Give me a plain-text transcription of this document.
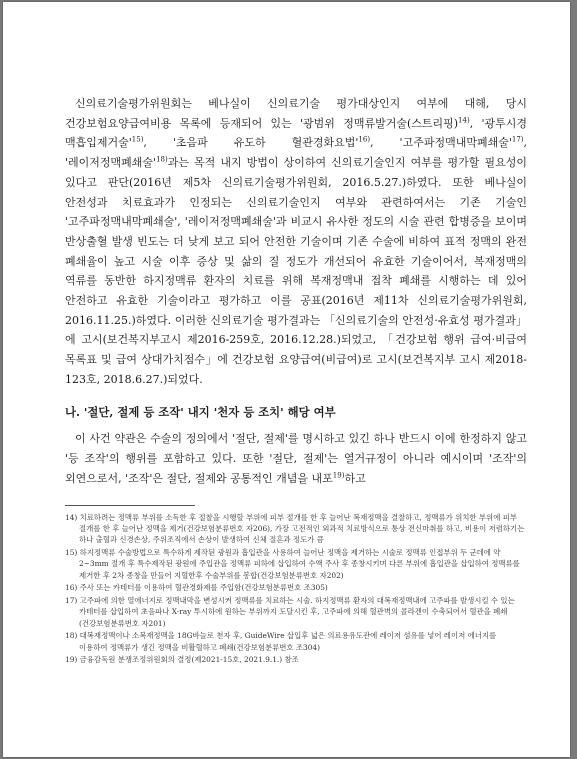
신의료기술평가위원회는 베나실이 신의료기술 평가대상인지 여부에 대해, 당시 건강보험요양급여비용 목록에 등재되어 있는 '광범위 정맥류발거술(스트리핑)$^{14)}$, '광투시경 맥흡입제거술'$^{15)}$, '초음파 유도하 혈관경화요법'$^{16)}$, '고주파정맥내막폐쇄술'$^{17)}$, '레이저정맥폐쇄술'$^{18)}$과는 목적 내지 방법이 상이하여 신의료기술인지 여부를 평가할 필요성이 있다고 판단(2016년 제5차 신의료기술평가위원회, 2016.5.27.)하였다. 또한 베나실이 안전성과 치료효과가 인정되는 신의료기술인지 여부와 관련하여서는 기존 기술인 '고주파정맥내막폐쇄술', '레이저정맥폐쇄술'과 비교시 유사한 정도의 시술 관련 합병증을 보이며 반상출혈 발생 빈도는 더 낮게 보고 되어 안전한 기술이며 기존 수술에 비하여 표적 정맥의 완전 폐쇄율이 높고 시술 이후 증상 및 삶의 질 정도가 개선되어 유효한 기술이어서, 복재정맥의 역류를 동반한 하지정맥류 환자의 치료를 위해 복재정맥내 접착 폐쇄를 시행하는 데 있어 안전하고 유효한 기술이라고 평가하고 이를 공표(2016년 제11차 신의료기술평가위원회, 2016.11.25.)하였다. 이러한 신의료기술 평가결과는 「신의료기술의 안전성·유효성 평가결과」에 고시(보건복지부고시 제2016-259호, 2016.12.28.)되었고, 「건강보험 행위 급여·비급여 목록표 및 급여 상대가치점수」에 건강보험 요양급여(비급여)로 고시(보건복지부 고시 제2018-123호, 2018.6.27.)되었다.

나. '절단, 절제 등 조작' 내지 '천자 등 조치' 해당 여부

이 사건 약관은 수술의 정의에서 '절단, 절제'를 명시하고 있긴 하나 반드시 이에 한정하지 않고 '등 조작'의 행위를 포함하고 있다. 또한 '절단, 절제'는 열거규정이 아니라 예시이며 '조작'의 외연으로서, '조작'은 절단, 절제와 공통적인 개념을 내포$^{19)}$하고

14) 치료하려는 정맥류 부위를 소독한 후 절찰을 시행할 부위에 피부 절개를 한 후 늘어난 복재정맥을 결찰하고, 정맥류가 위치한 부위에 피부 절개를 한 후 늘어난 정맥을 제거(건강보험분류번호 자206), 가장 고전적인 외과적 치료방식으로 통상 전신마취를 하고, 비용이 저렴하기는 하나 출혈과 신경손상, 주위조직에서 손상이 발생하여 신체 절흔과 정도가 큼

15) 하지정맥류 수술방법으로 특수하게 제작된 광원과 흡입관을 사용하여 늘어난 정맥을 제거하는 시술로 정맥류 인접부위 두 군데에 약 2~3mm 절개 후 특수제작된 광원에 주입관을 정맥류 피하에 삽입하여 수액 주사 후 종창시키며 다른 부위에 흡입관을 삽입하여 정맥류를 제거한 후 2차 종창을 만들어 지혈한후 수술부위를 봉합(건강보험분류번호 자202)

16) 주사 또는 카테터를 이용하여 혈관경화제를 주입함(건강보험분류번호 조305)

17) 고주파에 의한 열에너지로 정맥내막을 변성시켜 정맥류를 치료하는 시술. 하지정맥류 환자의 대복재정맥내에 고주파를 발생시킬 수 있는 카테터를 삽입하여 초음파나 X-ray 투시하에 원하는 부위까지 도달시킨 후, 고주파에 의해 혈관벽의 콜라겐이 수축되어서 혈관을 폐쇄(건강보험분류번호 자201)

18) 대복재정맥이나 소복재정맥을 18G바늘로 천자 후, GuideWire 삽입후 넓은 의료용유도관에 레이저 섬유를 넣어 레이저 에너지를 이용하여 정맥류가 생긴 정맥을 비활혈하고 폐쇄(건강보험분류번호 조304)

19) 금융감독원 분쟁조정위원회의 결정(제2021-15호, 2021.9.1.) 참조
